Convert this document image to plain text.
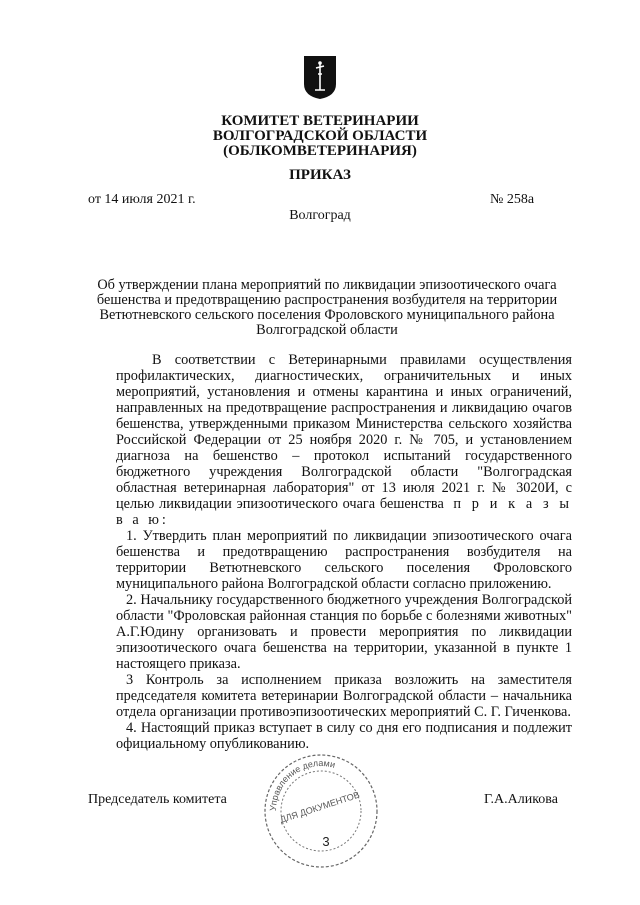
КОМИТЕТ ВЕТЕРИНАРИИ
ВОЛГОГРАДСКОЙ ОБЛАСТИ
(ОБЛКОМВЕТЕРИНАРИЯ)
ПРИКАЗ
от 14 июля 2021 г.	№ 258а
Волгоград
Об утверждении плана мероприятий по ликвидации эпизоотического очага
бешенства и предотвращению распространения возбудителя на территории
Ветютневского сельского поселения Фроловского муниципального района
Волгоградской области

В соответствии с Ветеринарными правилами осуществления профилактических, диагностических, ограничительных и иных мероприятий, установления и отмены карантина и иных ограничений, направленных на предотвращение распространения и ликвидацию очагов бешенства, утвержденными приказом Министерства сельского хозяйства Российской Федерации от 25 ноября 2020 г. № 705, и установлением диагноза на бешенство – протокол испытаний государственного бюджетного учреждения Волгоградской области "Волгоградская областная ветеринарная лаборатория" от 13 июля 2021 г. № 3020И, с целью ликвидации эпизоотического очага бешенства п р и к а з ы в а ю:

1. Утвердить план мероприятий по ликвидации эпизоотического очага бешенства и предотвращению распространения возбудителя на территории Ветютневского сельского поселения Фроловского муниципального района Волгоградской области согласно приложению.

2. Начальнику государственного бюджетного учреждения Волгоградской области "Фроловская районная станция по борьбе с болезнями животных" А.Г.Юдину организовать и провести мероприятия по ликвидации эпизоотического очага бешенства на территории, указанной в пункте 1 настоящего приказа.

3 Контроль за исполнением приказа возложить на заместителя председателя комитета ветеринарии Волгоградской области – начальника отдела организации противоэпизоотических мероприятий С. Г. Гиченкова.

4. Настоящий приказ вступает в силу со дня его подписания и подлежит официальному опубликованию.

Председатель комитета	Г.А.Аликова
Управление делами
ДЛЯ ДОКУМЕНТОВ
3
